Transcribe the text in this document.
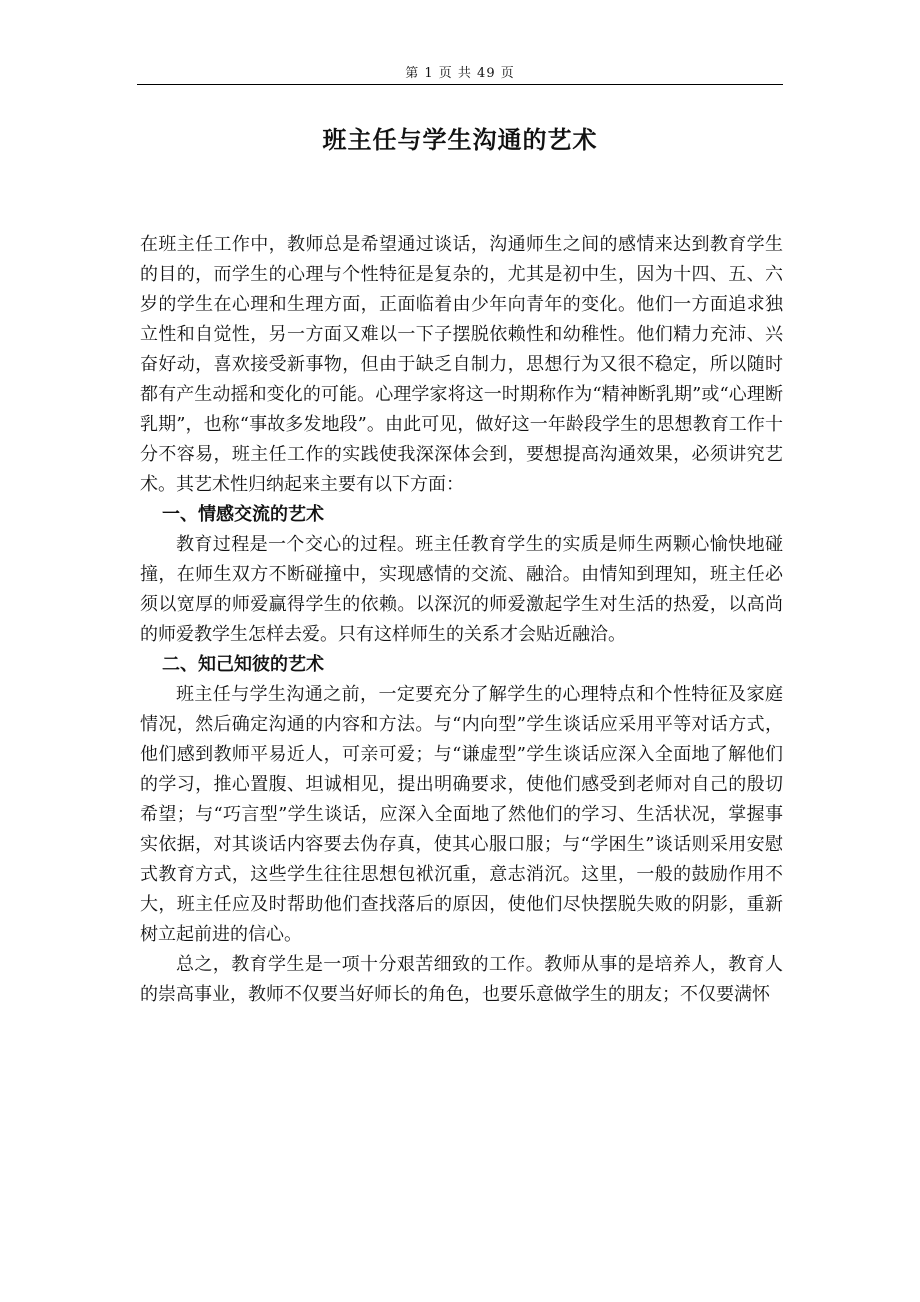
第 1 页 共 49 页
班主任与学生沟通的艺术

在班主任工作中，教师总是希望通过谈话，沟通师生之间的感情来达到教育学生的目的，而学生的心理与个性特征是复杂的，尤其是初中生，因为十四、五、六岁的学生在心理和生理方面，正面临着由少年向青年的变化。他们一方面追求独立性和自觉性，另一方面又难以一下子摆脱依赖性和幼稚性。他们精力充沛、兴奋好动，喜欢接受新事物，但由于缺乏自制力，思想行为又很不稳定，所以随时都有产生动摇和变化的可能。心理学家将这一时期称作为“精神断乳期”或“心理断乳期”，也称“事故多发地段”。由此可见，做好这一年龄段学生的思想教育工作十分不容易，班主任工作的实践使我深深体会到，要想提高沟通效果，必须讲究艺术。其艺术性归纳起来主要有以下方面：

一、情感交流的艺术

教育过程是一个交心的过程。班主任教育学生的实质是师生两颗心愉快地碰撞，在师生双方不断碰撞中，实现感情的交流、融洽。由情知到理知，班主任必须以宽厚的师爱赢得学生的依赖。以深沉的师爱激起学生对生活的热爱，以高尚的师爱教学生怎样去爱。只有这样师生的关系才会贴近融洽。

二、知己知彼的艺术

班主任与学生沟通之前，一定要充分了解学生的心理特点和个性特征及家庭情况，然后确定沟通的内容和方法。与“内向型”学生谈话应采用平等对话方式，他们感到教师平易近人，可亲可爱；与“谦虚型”学生谈话应深入全面地了解他们的学习，推心置腹、坦诚相见，提出明确要求，使他们感受到老师对自己的殷切希望；与“巧言型”学生谈话，应深入全面地了然他们的学习、生活状况，掌握事实依据，对其谈话内容要去伪存真，使其心服口服；与“学困生”谈话则采用安慰式教育方式，这些学生往往思想包袱沉重，意志消沉。这里，一般的鼓励作用不大，班主任应及时帮助他们查找落后的原因，使他们尽快摆脱失败的阴影，重新树立起前进的信心。

总之，教育学生是一项十分艰苦细致的工作。教师从事的是培养人，教育人的崇高事业，教师不仅要当好师长的角色，也要乐意做学生的朋友；不仅要满怀
